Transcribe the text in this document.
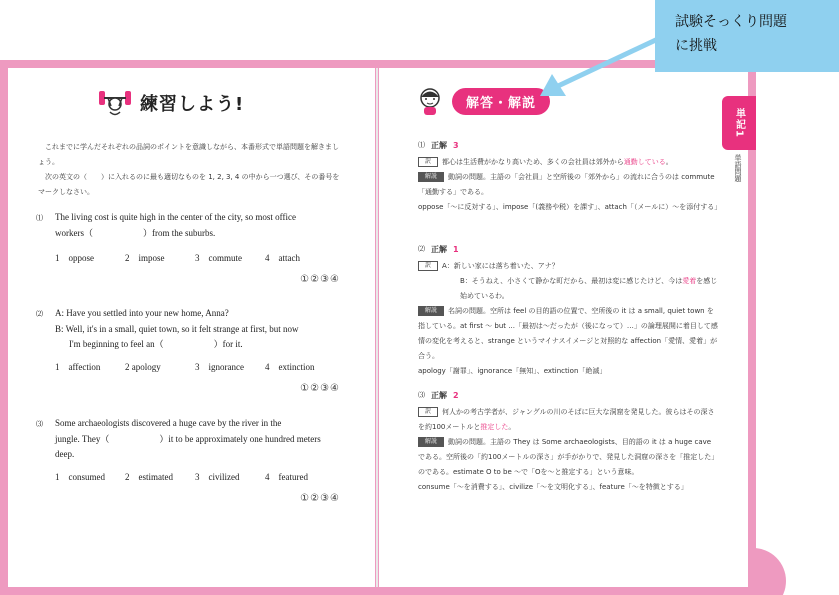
034	035
単記1
単語問題
練習しよう!	解答・解説

これまでに学んだそれぞれの品詞のポイントを意識しながら、本番形式で単語問題を解きましょう。

次の英文の（　　）に入れるのに最も適切なものを 1, 2, 3, 4 の中から一つ選び、その番号をマークしなさい。

⑴	The living cost is quite high in the center of the city, so most office
workers（	）from the suburbs.
1　oppose	2　impose	3　commute	4　attach
①②③④
⑵	A: Have you settled into your new home, Anna?
B: Well, it's in a small, quiet town, so it felt strange at first, but now
I'm beginning to feel an（	）for it.
1　affection	2 apology	3　ignorance	4　extinction
①②③④
⑶	Some archaeologists discovered a huge cave by the river in the
jungle. They（	）it to be approximately one hundred meters
deep.
1　consumed	2　estimated	3　civilized	4　featured
①②③④
⑴ 正解 3
訳 都心は生活費がかなり高いため、多くの会社員は郊外から通勤している。
解説 動詞の問題。主語の「会社員」と空所後の「郊外から」の流れに合うのは commute「通勤する」である。
oppose「～に反対する」、impose「(義務や税）を課す」、attach「（メールに）～を添付する」
⑵ 正解 1
訳 A：新しい家には落ち着いた、アナ？
B：そうねえ、小さくて静かな町だから、最初は変に感じたけど、今は愛着を感じ始めているわ。
解説 名詞の問題。空所は feel の目的語の位置で、空所後の it は a small, quiet town を指している。at first ～ but ...「最初は～だったが（後になって）…」の論理展開に着目して感情の変化を考えると、strange というマイナスイメージと対照的な affection「愛情、愛着」が合う。
apology「謝罪」、ignorance「無知」、extinction「絶滅」
⑶ 正解 2
訳 何人かの考古学者が、ジャングルの川のそばに巨大な洞窟を発見した。彼らはその深さを約100メートルと推定した。
解説 動詞の問題。主語の They は Some archaeologists、目的語の it は a huge cave である。空所後の「約100メートルの深さ」が手がかりで、発見した洞窟の深さを「推定した」のである。estimate O to be ～で「Oを～と推定する」という意味。
consume「～を消費する」、civilize「～を文明化する」、feature「～を特徴とする」
試験そっくり問題
に挑戦
